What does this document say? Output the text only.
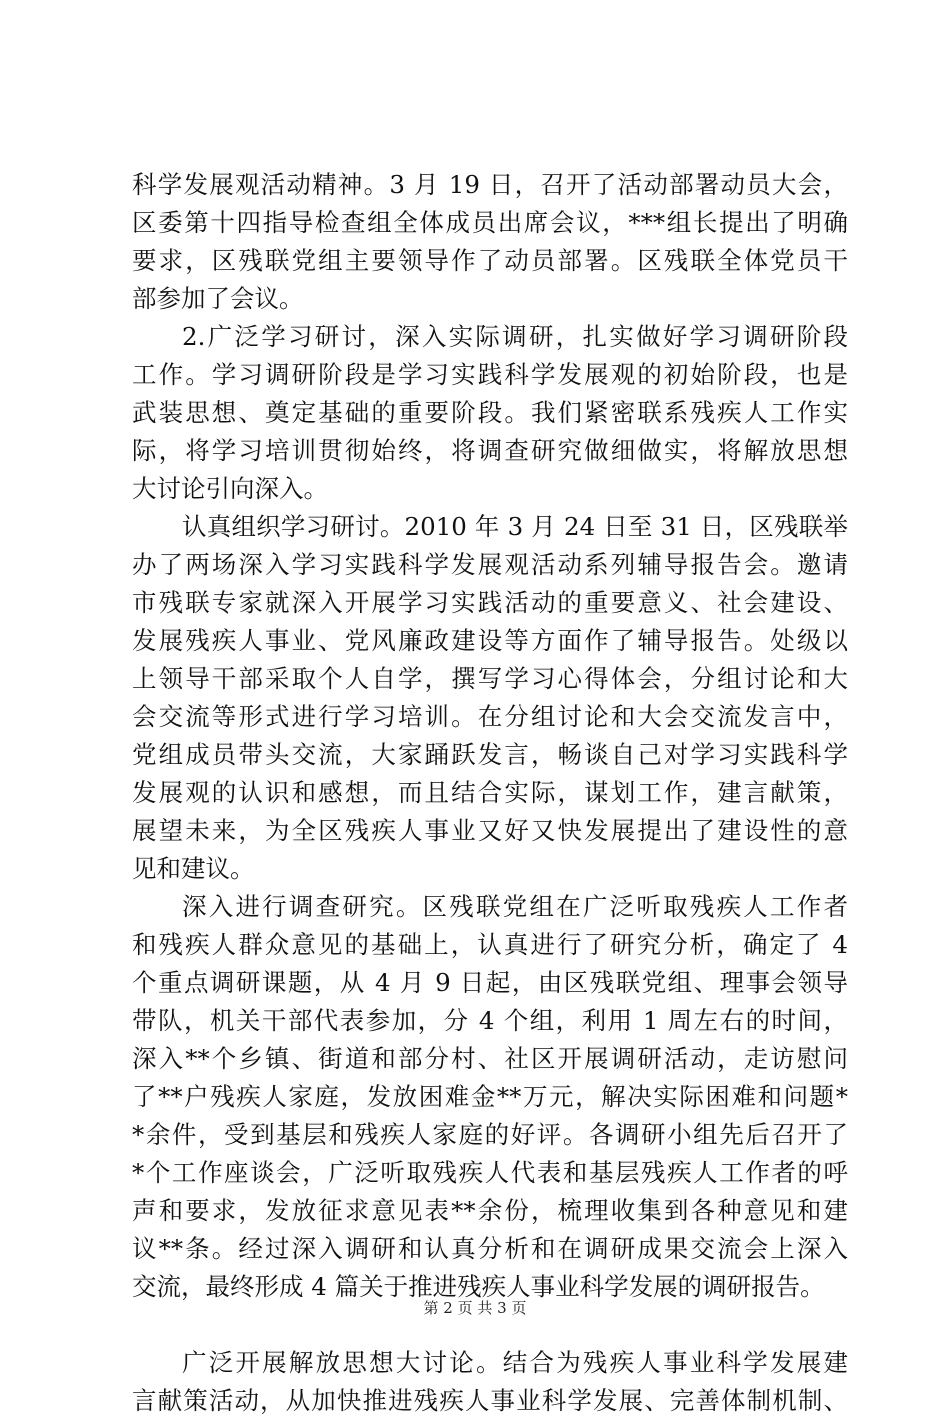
科学发展观活动精神。3 月 19 日，召开了活动部署动员大会，
区委第十四指导检查组全体成员出席会议，***组长提出了明确
要求，区残联党组主要领导作了动员部署。区残联全体党员干
部参加了会议。
2.广泛学习研讨，深入实际调研，扎实做好学习调研阶段
工作。学习调研阶段是学习实践科学发展观的初始阶段，也是
武装思想、奠定基础的重要阶段。我们紧密联系残疾人工作实
际，将学习培训贯彻始终，将调查研究做细做实，将解放思想
大讨论引向深入。
认真组织学习研讨。2010 年 3 月 24 日至 31 日，区残联举
办了两场深入学习实践科学发展观活动系列辅导报告会。邀请
市残联专家就深入开展学习实践活动的重要意义、社会建设、
发展残疾人事业、党风廉政建设等方面作了辅导报告。处级以
上领导干部采取个人自学，撰写学习心得体会，分组讨论和大
会交流等形式进行学习培训。在分组讨论和大会交流发言中，
党组成员带头交流，大家踊跃发言，畅谈自己对学习实践科学
发展观的认识和感想，而且结合实际，谋划工作，建言献策，
展望未来，为全区残疾人事业又好又快发展提出了建设性的意
见和建议。
深入进行调查研究。区残联党组在广泛听取残疾人工作者
和残疾人群众意见的基础上，认真进行了研究分析，确定了 4
个重点调研课题，从 4 月 9 日起，由区残联党组、理事会领导
带队，机关干部代表参加，分 4 个组，利用 1 周左右的时间，
深入**个乡镇、街道和部分村、社区开展调研活动，走访慰问
了**户残疾人家庭，发放困难金**万元，解决实际困难和问题*
*余件，受到基层和残疾人家庭的好评。各调研小组先后召开了
*个工作座谈会，广泛听取残疾人代表和基层残疾人工作者的呼
声和要求，发放征求意见表**余份，梳理收集到各种意见和建
议**条。经过深入调研和认真分析和在调研成果交流会上深入
交流，最终形成 4 篇关于推进残疾人事业科学发展的调研报告。
广泛开展解放思想大讨论。结合为残疾人事业科学发展建
言献策活动，从加快推进残疾人事业科学发展、完善体制机制、
第 2 页 共 3 页
